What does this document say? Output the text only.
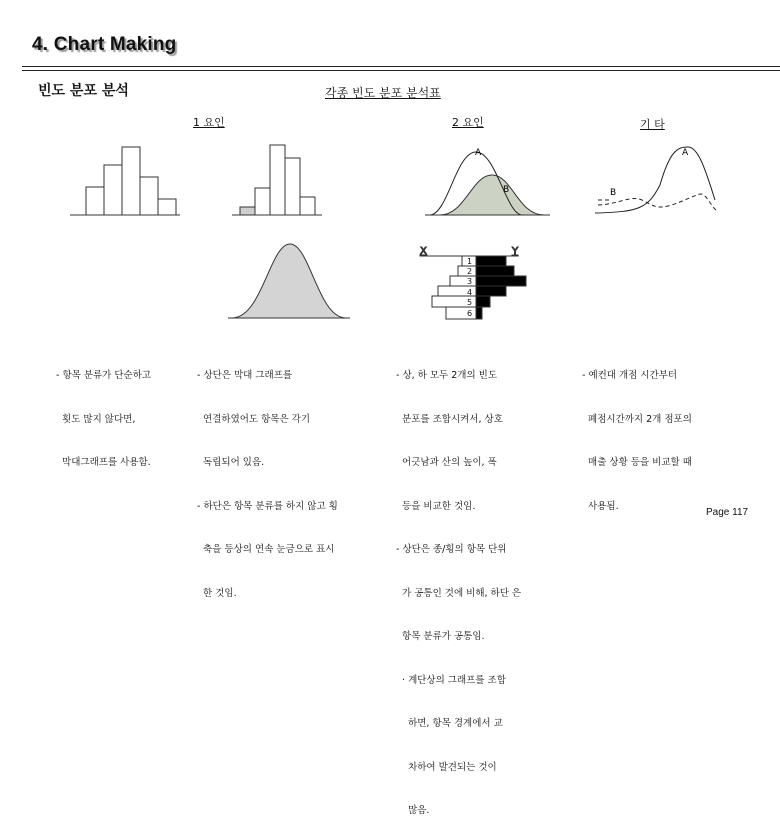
4. Chart Making
빈도 분포 분석	각종 빈도 분포 분석표
1 요인	2 요인	기 타
A
B
A
B
X	Y
1
2
3
4
5
6

- 항목 분류가 단순하고

횟도 많지 않다면,

막대그래프를 사용함.

- 상단은 막대 그래프를

연결하였어도 항목은 각기

독립되어 있음.

- 하단은 항목 분류를 하지 않고 횡

축을 등상의 연속 눈금으로 표시

한 것임.

- 상, 하 모두 2개의 빈도

분포를 조합시켜서, 상호

어긋남과 산의 높이, 폭

등을 비교한 것임.

- 상단은 종/횡의 항목 단위

가 공통인 것에 비해, 하단 은

항목 분류가 공통임.

· 계단상의 그래프를 조합

하면, 항목 경계에서 교

차하여 발견되는 것이

많음.

- 예컨대 개점 시간부터

폐점시간까지 2개 점포의

매출 상황 등을 비교할 때

사용됨.

Page 117
